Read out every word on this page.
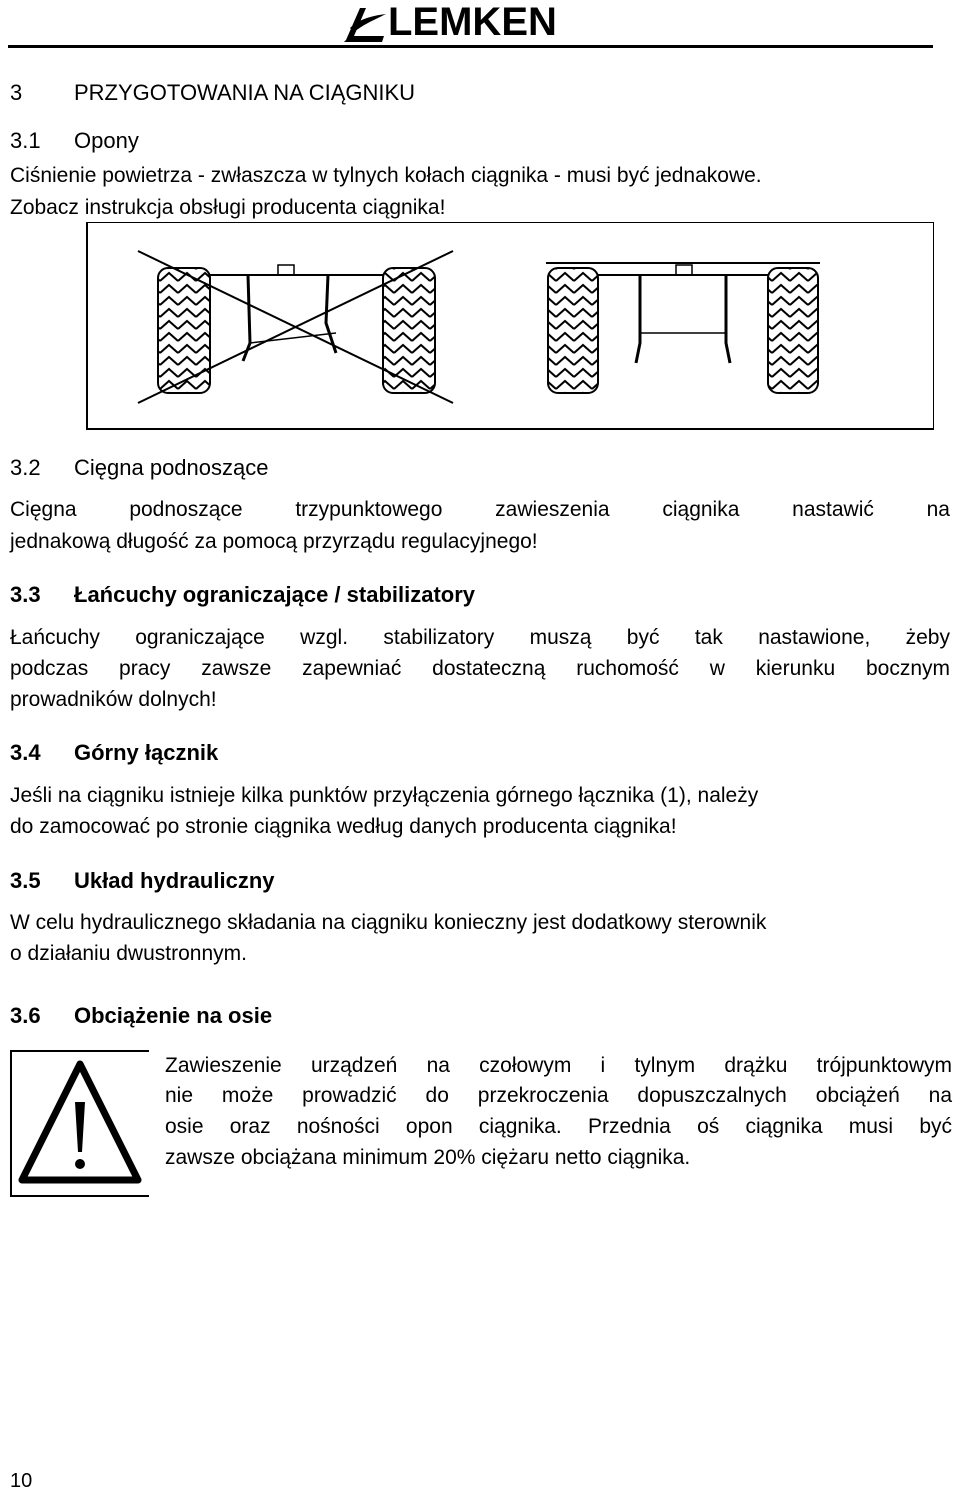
LEMKEN
3 PRZYGOTOWANIA NA CIĄGNIKU
3.1 Opony
Ciśnienie powietrza - zwłaszcza w tylnych kołach ciągnika - musi być jednakowe.
Zobacz instrukcja obsługi producenta ciągnika!
3.2 Cięgna podnoszące
Cięgna podnoszące trzypunktowego zawieszenia ciągnika nastawić na
jednakową długość za pomocą przyrządu regulacyjnego!
3.3 Łańcuchy ograniczające / stabilizatory
Łańcuchy ograniczające wzgl. stabilizatory muszą być tak nastawione, żeby
podczas pracy zawsze zapewniać dostateczną ruchomość w kierunku bocznym
prowadników dolnych!
3.4 Górny łącznik
Jeśli na ciągniku istnieje kilka punktów przyłączenia górnego łącznika (1), należy
do zamocować po stronie ciągnika według danych producenta ciągnika!
3.5 Układ hydrauliczny
W celu hydraulicznego składania na ciągniku konieczny jest dodatkowy sterownik
o działaniu dwustronnym.
3.6 Obciążenie na osie
Zawieszenie urządzeń na czołowym i tylnym drążku trójpunktowym
nie może prowadzić do przekroczenia dopuszczalnych obciążeń na
osie oraz nośności opon ciągnika. Przednia oś ciągnika musi być
zawsze obciążana minimum 20% ciężaru netto ciągnika.
10
